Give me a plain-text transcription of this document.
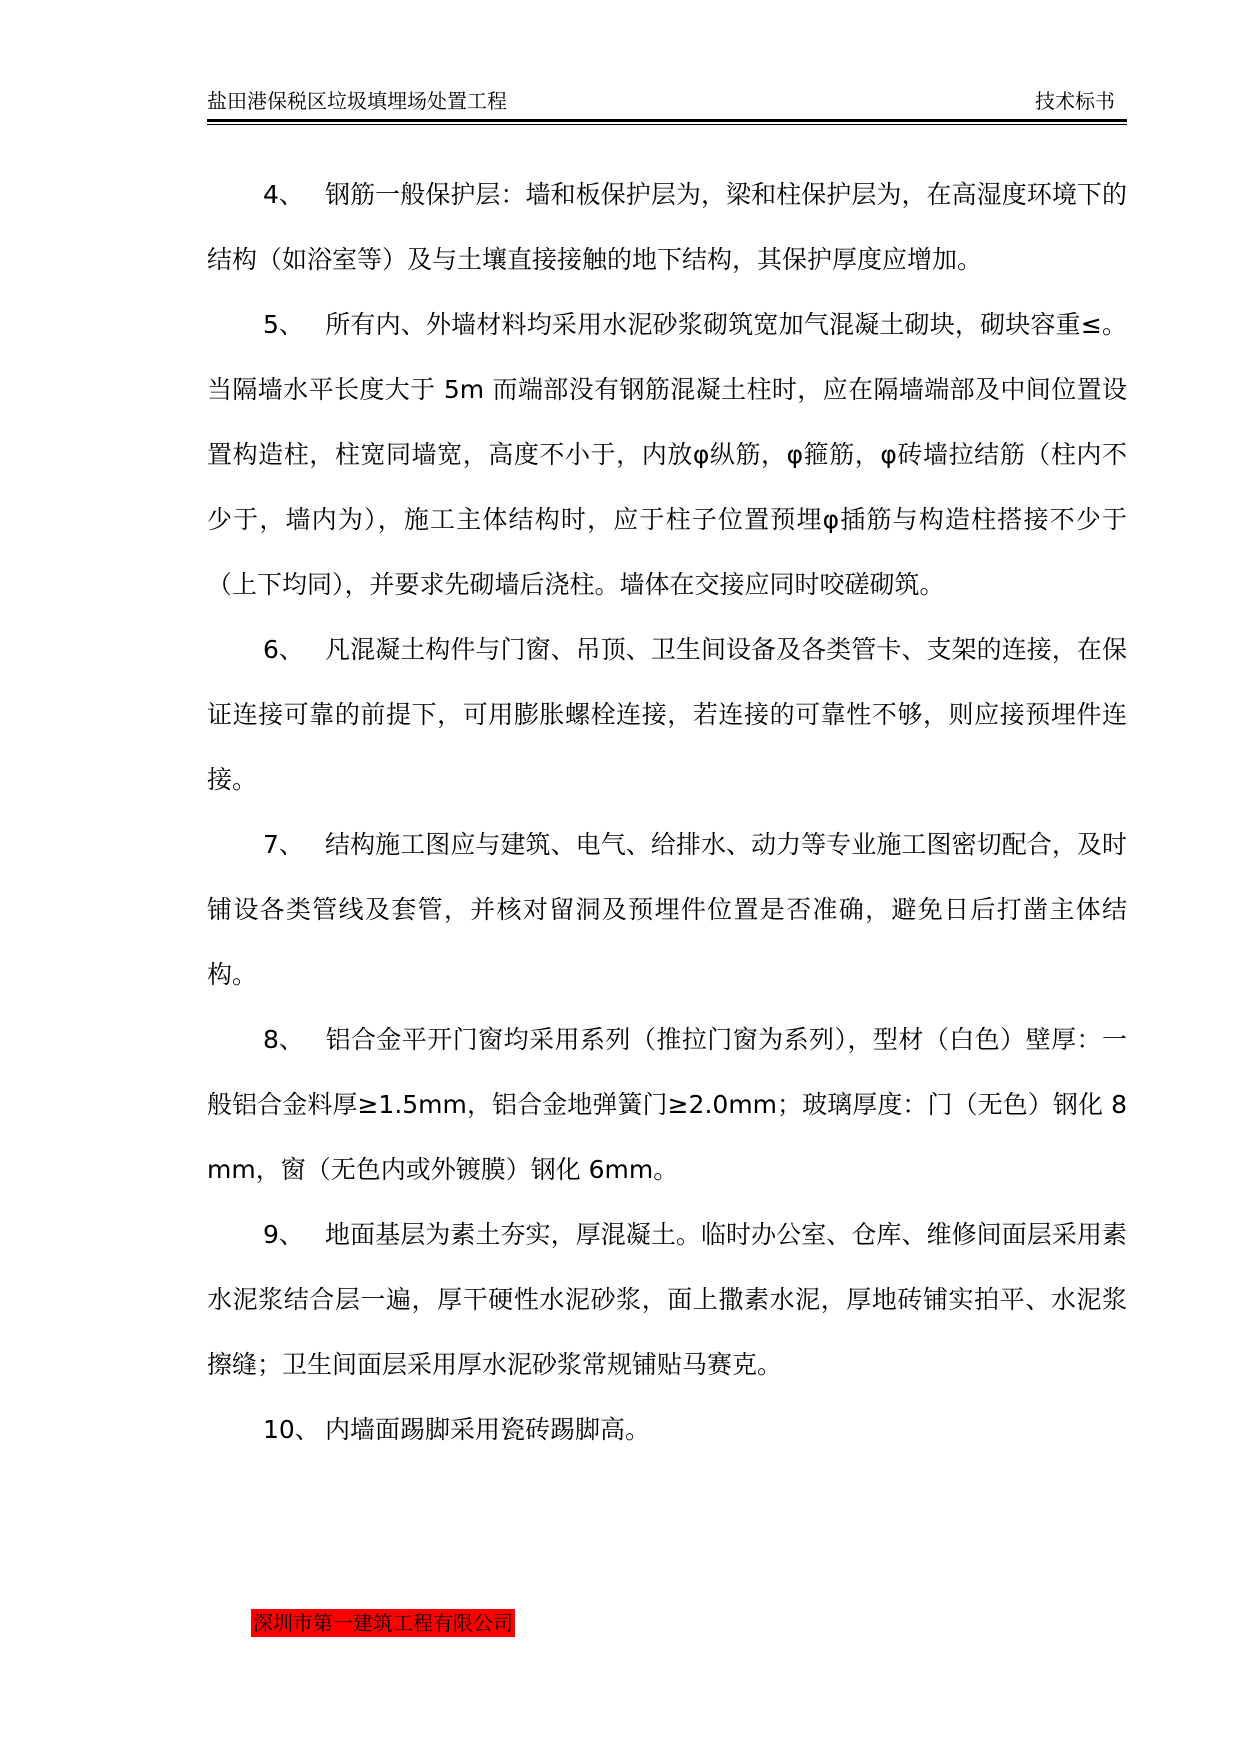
盐田港保税区垃圾填埋场处置工程	技术标书

4、 钢筋一般保护层：墙和板保护层为，梁和柱保护层为，在高湿度环境下的结构（如浴室等）及与土壤直接接触的地下结构，其保护厚度应增加。

5、 所有内、外墙材料均采用水泥砂浆砌筑宽加气混凝土砌块，砌块容重≤。当隔墙水平长度大于 5m 而端部没有钢筋混凝土柱时，应在隔墙端部及中间位置设置构造柱，柱宽同墙宽，高度不小于，内放φ纵筋，φ箍筋，φ砖墙拉结筋（柱内不少于，墙内为），施工主体结构时，应于柱子位置预埋φ插筋与构造柱搭接不少于（上下均同），并要求先砌墙后浇柱。墙体在交接应同时咬磋砌筑。

6、 凡混凝土构件与门窗、吊顶、卫生间设备及各类管卡、支架的连接，在保证连接可靠的前提下，可用膨胀螺栓连接，若连接的可靠性不够，则应接预埋件连接。

7、 结构施工图应与建筑、电气、给排水、动力等专业施工图密切配合，及时铺设各类管线及套管，并核对留洞及预埋件位置是否准确，避免日后打凿主体结构。

8、 铝合金平开门窗均采用系列（推拉门窗为系列），型材（白色）壁厚：一般铝合金料厚≥1.5mm，铝合金地弹簧门≥2.0mm；玻璃厚度：门（无色）钢化 8mm，窗（无色内或外镀膜）钢化 6mm。

9、 地面基层为素土夯实，厚混凝土。临时办公室、仓库、维修间面层采用素水泥浆结合层一遍，厚干硬性水泥砂浆，面上撒素水泥，厚地砖铺实拍平、水泥浆擦缝；卫生间面层采用厚水泥砂浆常规铺贴马赛克。

10、 内墙面踢脚采用瓷砖踢脚高。

深圳市第一建筑工程有限公司
